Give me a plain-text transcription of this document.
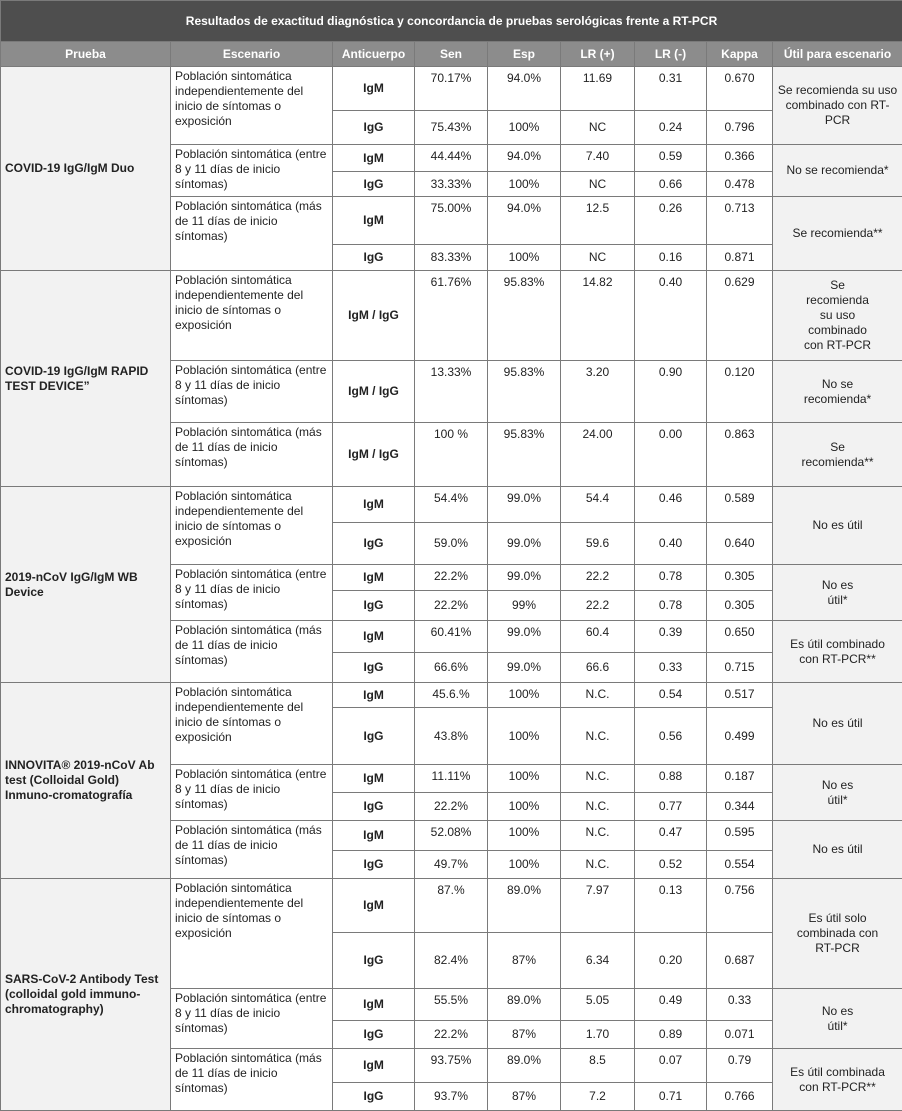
Resultados de exactitud diagnóstica y concordancia de pruebas serológicas frente a RT-PCR								
Prueba	Escenario	Anticuerpo	Sen	Esp	LR (+)	LR (-)	Kappa	Útil para escenario
COVID-19 IgG/IgM Duo	Población sintomática independientemente del inicio de síntomas o exposición	IgM	70.17%	94.0%	11.69	0.31	0.670	Se recomienda su uso combinado con RT-PCR
		IgG	75.43%	100%	NC	0.24	0.796	
	Población sintomática (entre 8 y 11 días de inicio síntomas)	IgM	44.44%	94.0%	7.40	0.59	0.366	No se recomienda*
		IgG	33.33%	100%	NC	0.66	0.478	
	Población sintomática (más de 11 días de inicio síntomas)	IgM	75.00%	94.0%	12.5	0.26	0.713	Se recomienda**
		IgG	83.33%	100%	NC	0.16	0.871	
COVID-19 IgG/IgM RAPID TEST DEVICE”	Población sintomática independientemente del inicio de síntomas o exposición	IgM / IgG	61.76%	95.83%	14.82	0.40	0.629	Se
recomienda
su uso
combinado
con RT-PCR
	Población sintomática (entre 8 y 11 días de inicio síntomas)	IgM / IgG	13.33%	95.83%	3.20	0.90	0.120	No se
recomienda*
	Población sintomática (más de 11 días de inicio síntomas)	IgM / IgG	100 %	95.83%	24.00	0.00	0.863	Se
recomienda**
2019-nCoV IgG/IgM WB Device	Población sintomática independientemente del inicio de síntomas o exposición	IgM	54.4%	99.0%	54.4	0.46	0.589	No es útil
		IgG	59.0%	99.0%	59.6	0.40	0.640	
	Población sintomática (entre 8 y 11 días de inicio síntomas)	IgM	22.2%	99.0%	22.2	0.78	0.305	No es
útil*
		IgG	22.2%	99%	22.2	0.78	0.305	
	Población sintomática (más de 11 días de inicio síntomas)	IgM	60.41%	99.0%	60.4	0.39	0.650	Es útil combinado
con RT-PCR**
		IgG	66.6%	99.0%	66.6	0.33	0.715	
INNOVITA® 2019-nCoV Ab test (Colloidal Gold) Inmuno-cromatografía	Población sintomática independientemente del inicio de síntomas o exposición	IgM	45.6.%	100%	N.C.	0.54	0.517	No es útil
		IgG	43.8%	100%	N.C.	0.56	0.499	
	Población sintomática (entre 8 y 11 días de inicio síntomas)	IgM	11.11%	100%	N.C.	0.88	0.187	No es
útil*
		IgG	22.2%	100%	N.C.	0.77	0.344	
	Población sintomática (más de 11 días de inicio síntomas)	IgM	52.08%	100%	N.C.	0.47	0.595	No es útil
		IgG	49.7%	100%	N.C.	0.52	0.554	
SARS-CoV-2 Antibody Test (colloidal gold immuno-chromatography)	Población sintomática independientemente del inicio de síntomas o exposición	IgM	87.%	89.0%	7.97	0.13	0.756	Es útil solo
combinada con
RT-PCR
		IgG	82.4%	87%	6.34	0.20	0.687	
	Población sintomática (entre 8 y 11 días de inicio síntomas)	IgM	55.5%	89.0%	5.05	0.49	0.33	No es
útil*
		IgG	22.2%	87%	1.70	0.89	0.071	
	Población sintomática (más de 11 días de inicio síntomas)	IgM	93.75%	89.0%	8.5	0.07	0.79	Es útil combinada
con RT-PCR**
		IgG	93.7%	87%	7.2	0.71	0.766	
